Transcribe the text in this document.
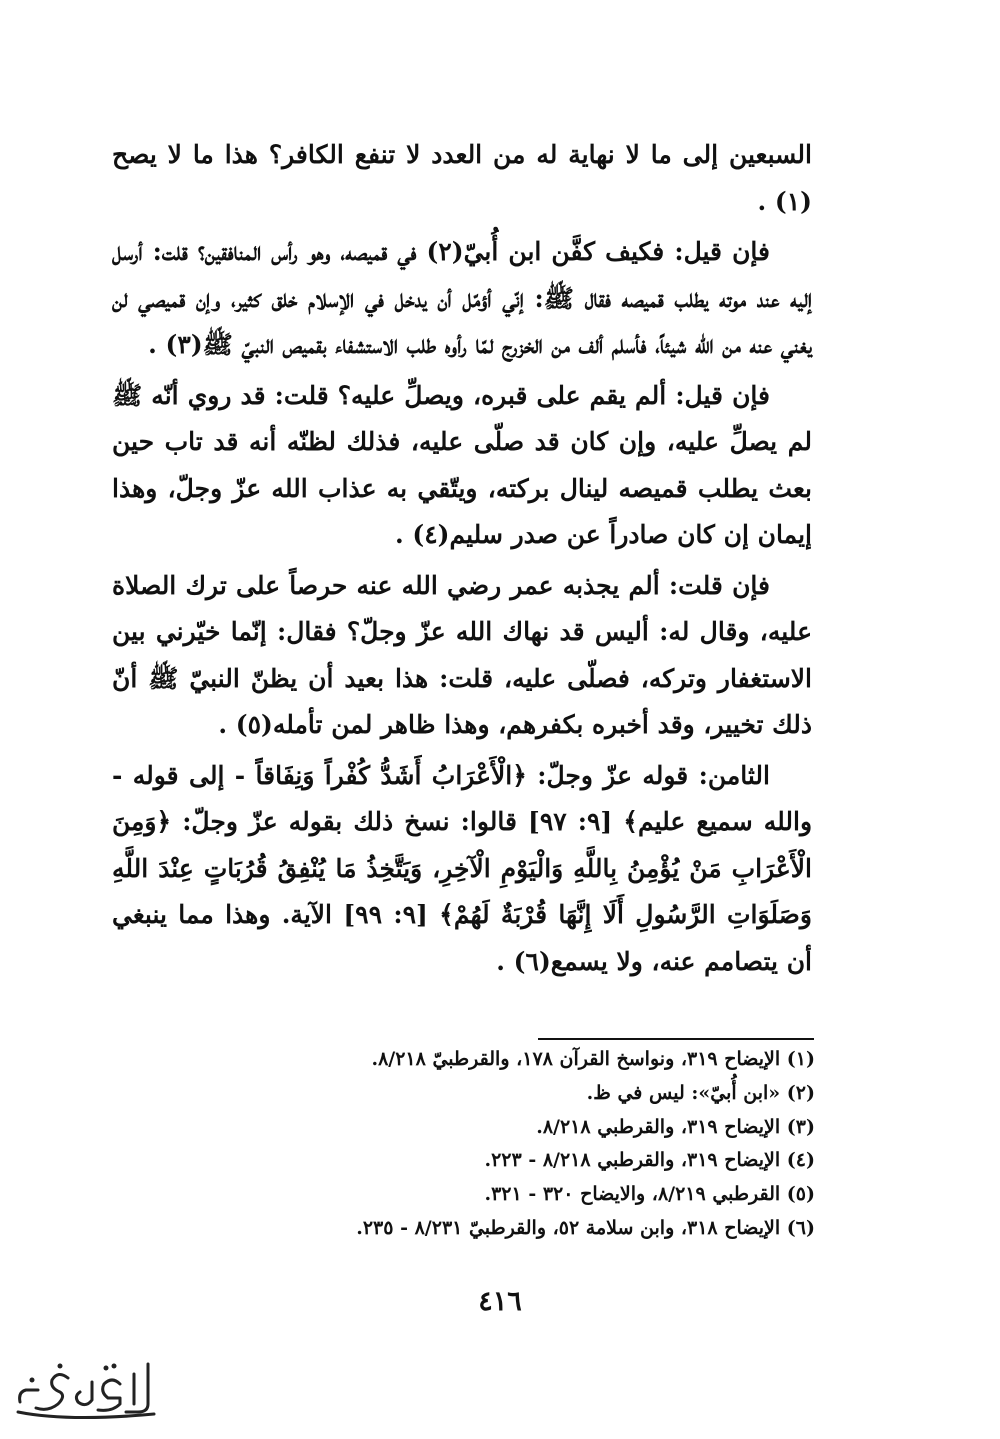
السبعين إلى ما لا نهاية له من العدد لا تنفع الكافر؟ هذا ما لا يصح (١) .

فإن قيل: فكيف كفَّن ابن أُبيّ(٢) في قميصه، وهو رأس المنافقين؟ قلت: أرسل إليه عند موته يطلب قميصه فقال ﷺ: إنّي أؤمّل أن يدخل في الإسلام خلق كثير، وإن قميصي لن يغني عنه من الله شيئاً، فأسلم ألف من الخزرج لمّا رأوه طلب الاستشفاء بقميص النبيّ ﷺ(٣) .

فإن قيل: ألم يقم على قبره، ويصلِّ عليه؟ قلت: قد روي أنّه ﷺ لم يصلِّ عليه، وإن كان قد صلّى عليه، فذلك لظنّه أنه قد تاب حين بعث يطلب قميصه لينال بركته، ويتّقي به عذاب الله عزّ وجلّ، وهذا إيمان إن كان صادراً عن صدر سليم(٤) .

فإن قلت: ألم يجذبه عمر رضي الله عنه حرصاً على ترك الصلاة عليه، وقال له: أليس قد نهاك الله عزّ وجلّ؟ فقال: إنّما خيّرني بين الاستغفار وتركه، فصلّى عليه، قلت: هذا بعيد أن يظنّ النبيّ ﷺ أنّ ذلك تخيير، وقد أخبره بكفرهم، وهذا ظاهر لمن تأمله(٥) .

الثامن: قوله عزّ وجلّ: ﴿الْأَعْرَابُ أَشَدُّ كُفْراً وَنِفَاقاً - إلى قوله - والله سميع عليم﴾ [٩: ٩٧] قالوا: نسخ ذلك بقوله عزّ وجلّ: ﴿وَمِنَ الْأَعْرَابِ مَنْ يُؤْمِنُ بِاللَّهِ وَالْيَوْمِ الْآخِرِ، وَيَتَّخِذُ مَا يُنْفِقُ قُرُبَاتٍ عِنْدَ اللَّهِ وَصَلَوَاتِ الرَّسُولِ أَلَا إِنَّهَا قُرْبَةٌ لَهُمْ﴾ [٩: ٩٩] الآية. وهذا مما ينبغي أن يتصامم عنه، ولا يسمع(٦) .

(١) الإيضاح ٣١٩، ونواسخ القرآن ١٧٨، والقرطبيّ ٨/٢١٨.

(٢) «ابن أُبيّ»: ليس في ظ.

(٣) الإيضاح ٣١٩، والقرطبي ٨/٢١٨.

(٤) الإيضاح ٣١٩، والقرطبي ٨/٢١٨ - ٢٢٣.

(٥) القرطبي ٨/٢١٩، والايضاح ٣٢٠ - ٣٢١.

(٦) الإيضاح ٣١٨، وابن سلامة ٥٢، والقرطبيّ ٨/٢٣١ - ٢٣٥.

٤١٦
